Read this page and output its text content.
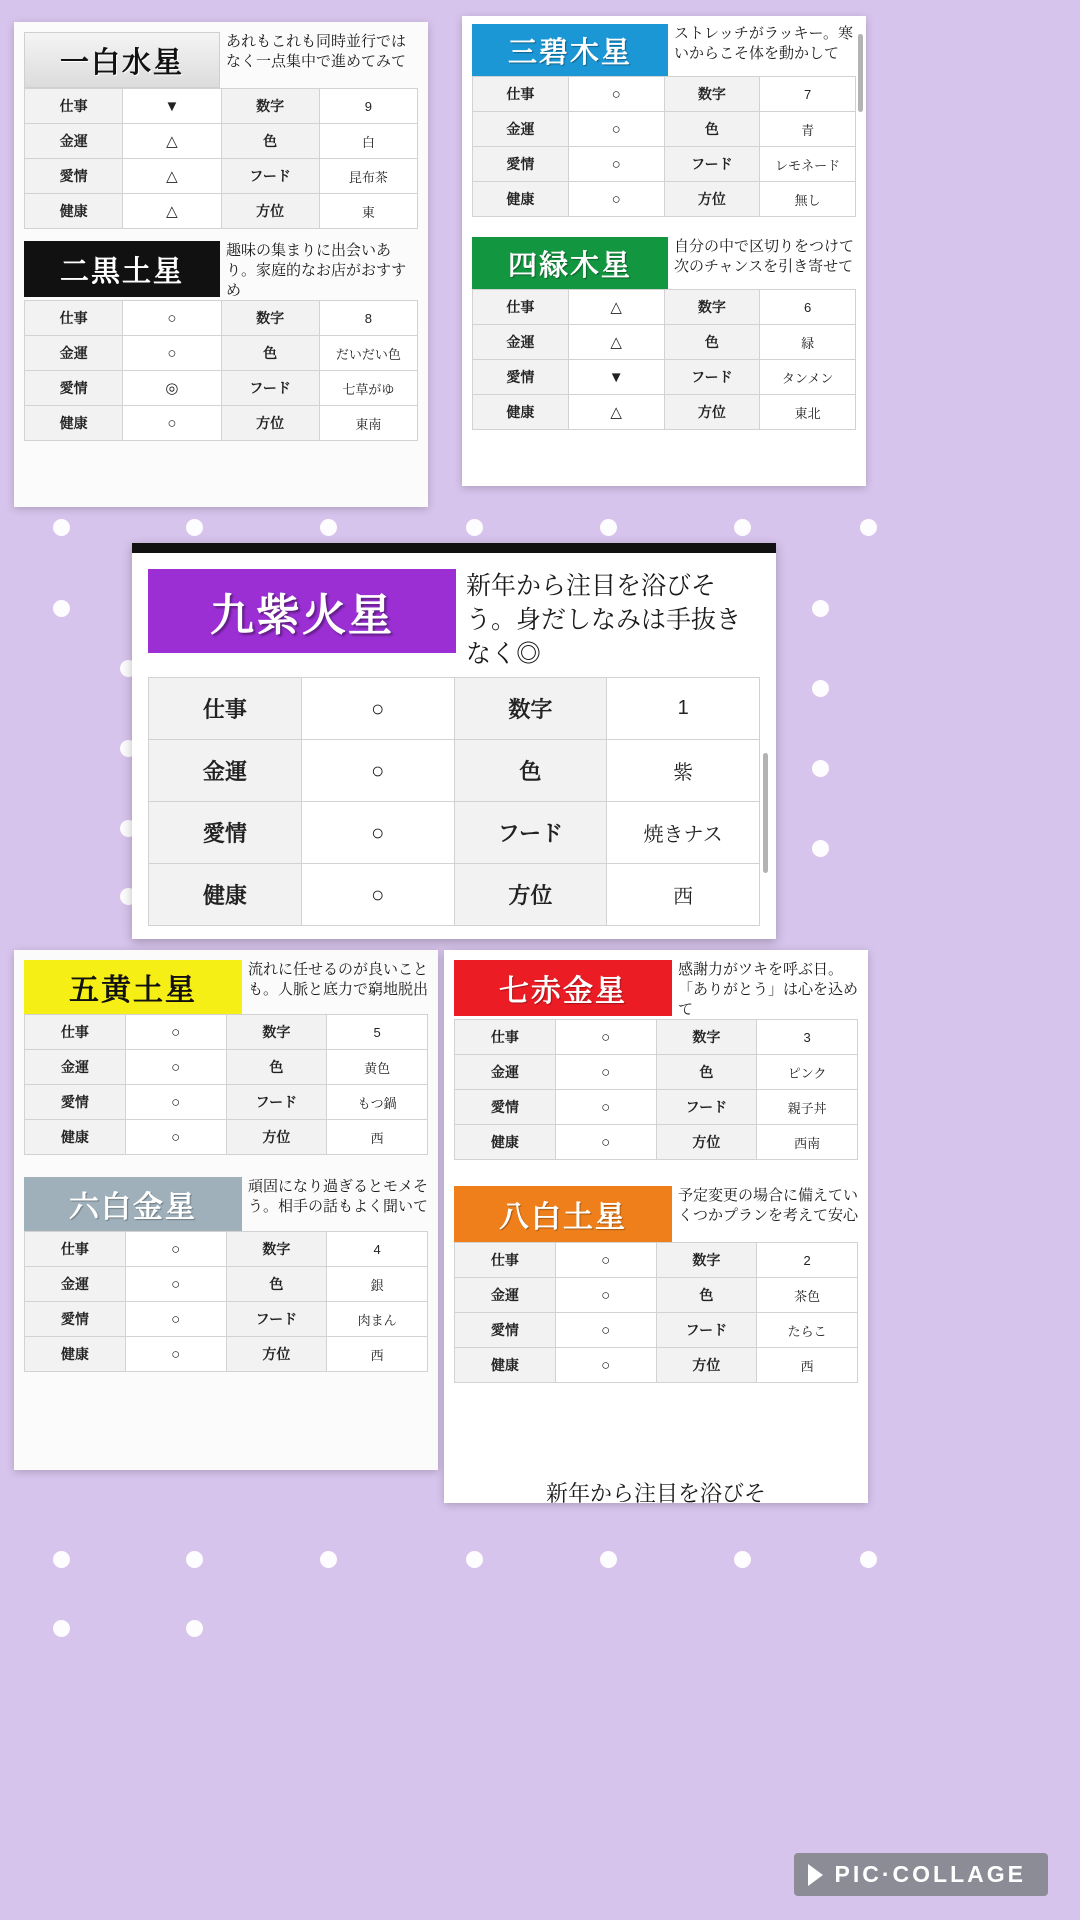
一白水星
あれもこれも同時並行ではなく一点集中で進めてみて
仕事	▼	数字	9
金運	△	色	白
愛情	△	フード	昆布茶
健康	△	方位	東
二黒土星
趣味の集まりに出会いあり。家庭的なお店がおすすめ
仕事	○	数字	8
金運	○	色	だいだい色
愛情	◎	フード	七草がゆ
健康	○	方位	東南
三碧木星
ストレッチがラッキー。寒いからこそ体を動かして
仕事	○	数字	7
金運	○	色	青
愛情	○	フード	レモネード
健康	○	方位	無し
四緑木星
自分の中で区切りをつけて次のチャンスを引き寄せて
仕事	△	数字	6
金運	△	色	緑
愛情	▼	フード	タンメン
健康	△	方位	東北
九紫火星
新年から注目を浴びそう。身だしなみは手抜きなく◎
仕事	○	数字	1
金運	○	色	紫
愛情	○	フード	焼きナス
健康	○	方位	西
五黄土星
流れに任せるのが良いことも。人脈と底力で窮地脱出
仕事	○	数字	5
金運	○	色	黄色
愛情	○	フード	もつ鍋
健康	○	方位	西
六白金星
頑固になり過ぎるとモメそう。相手の話もよく聞いて
仕事	○	数字	4
金運	○	色	銀
愛情	○	フード	肉まん
健康	○	方位	西
七赤金星
感謝力がツキを呼ぶ日。「ありがとう」は心を込めて
仕事	○	数字	3
金運	○	色	ピンク
愛情	○	フード	親子丼
健康	○	方位	西南
八白土星
予定変更の場合に備えていくつかプランを考えて安心
仕事	○	数字	2
金運	○	色	茶色
愛情	○	フード	たらこ
健康	○	方位	西
新年から注目を浴びそ
PIC·COLLAGE
